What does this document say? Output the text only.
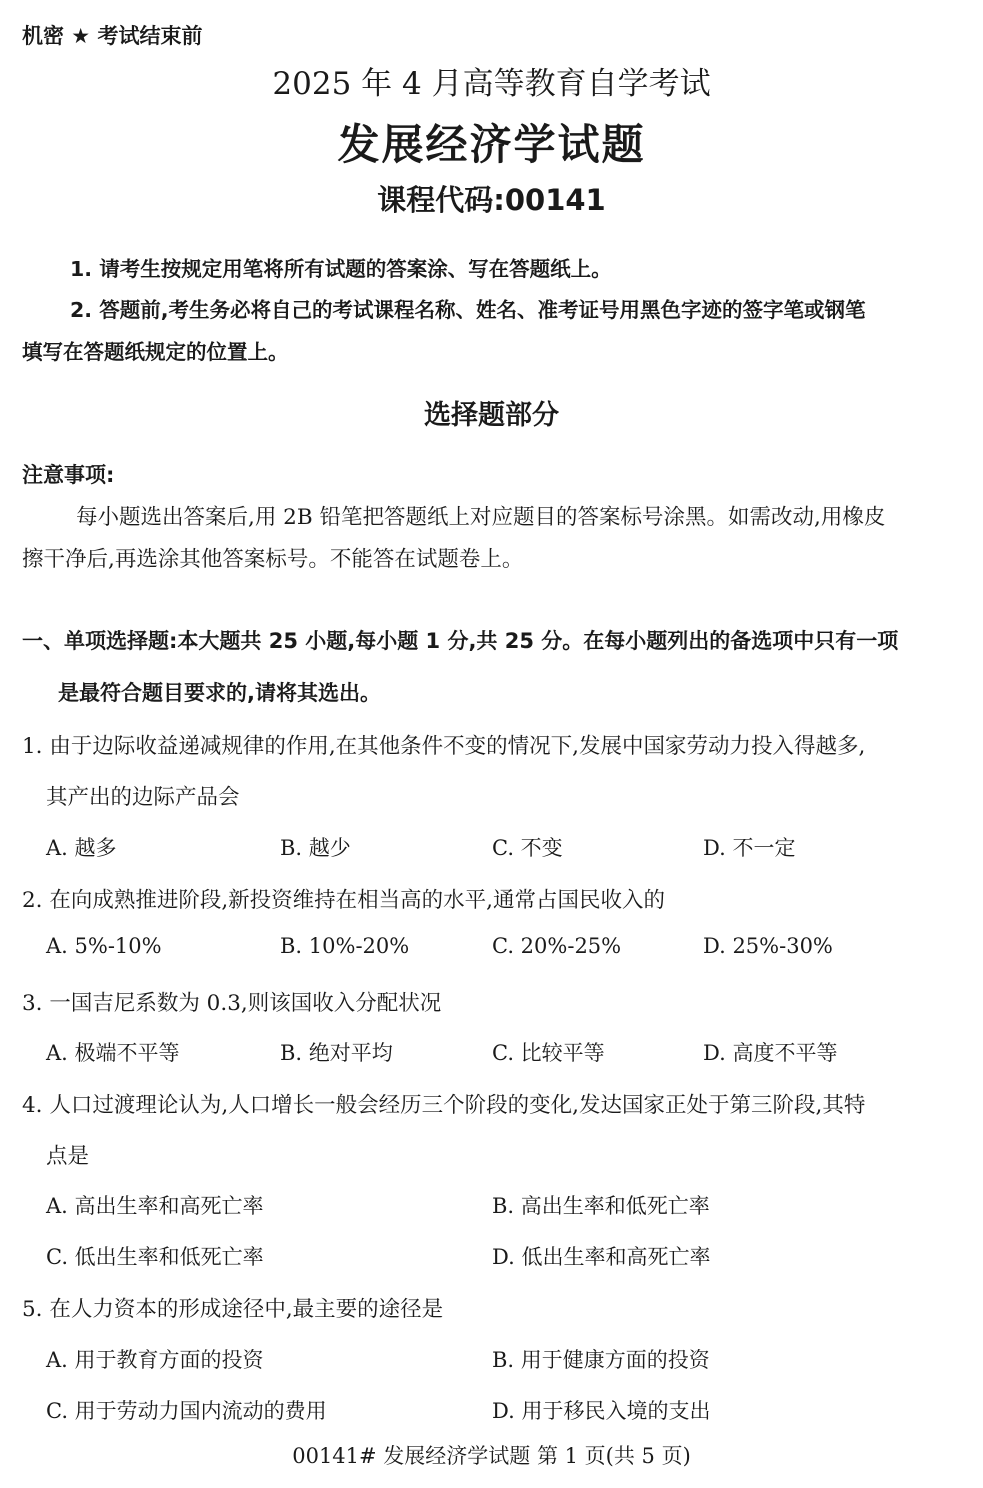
机密 ★ 考试结束前
2025 年 4 月高等教育自学考试
发展经济学试题
课程代码:00141
1. 请考生按规定用笔将所有试题的答案涂、写在答题纸上。
2. 答题前,考生务必将自己的考试课程名称、姓名、准考证号用黑色字迹的签字笔或钢笔
填写在答题纸规定的位置上。
选择题部分
注意事项:
每小题选出答案后,用 2B 铅笔把答题纸上对应题目的答案标号涂黑。如需改动,用橡皮
擦干净后,再选涂其他答案标号。不能答在试题卷上。
一、单项选择题:本大题共 25 小题,每小题 1 分,共 25 分。在每小题列出的备选项中只有一项
是最符合题目要求的,请将其选出。
1. 由于边际收益递减规律的作用,在其他条件不变的情况下,发展中国家劳动力投入得越多,
其产出的边际产品会
A. 越多	B. 越少	C. 不变	D. 不一定
2. 在向成熟推进阶段,新投资维持在相当高的水平,通常占国民收入的
A. 5%-10%	B. 10%-20%	C. 20%-25%	D. 25%-30%
3. 一国吉尼系数为 0.3,则该国收入分配状况
A. 极端不平等	B. 绝对平均	C. 比较平等	D. 高度不平等
4. 人口过渡理论认为,人口增长一般会经历三个阶段的变化,发达国家正处于第三阶段,其特
点是
A. 高出生率和高死亡率	B. 高出生率和低死亡率
C. 低出生率和低死亡率	D. 低出生率和高死亡率
5. 在人力资本的形成途径中,最主要的途径是
A. 用于教育方面的投资	B. 用于健康方面的投资
C. 用于劳动力国内流动的费用	D. 用于移民入境的支出
00141# 发展经济学试题 第 1 页(共 5 页)
